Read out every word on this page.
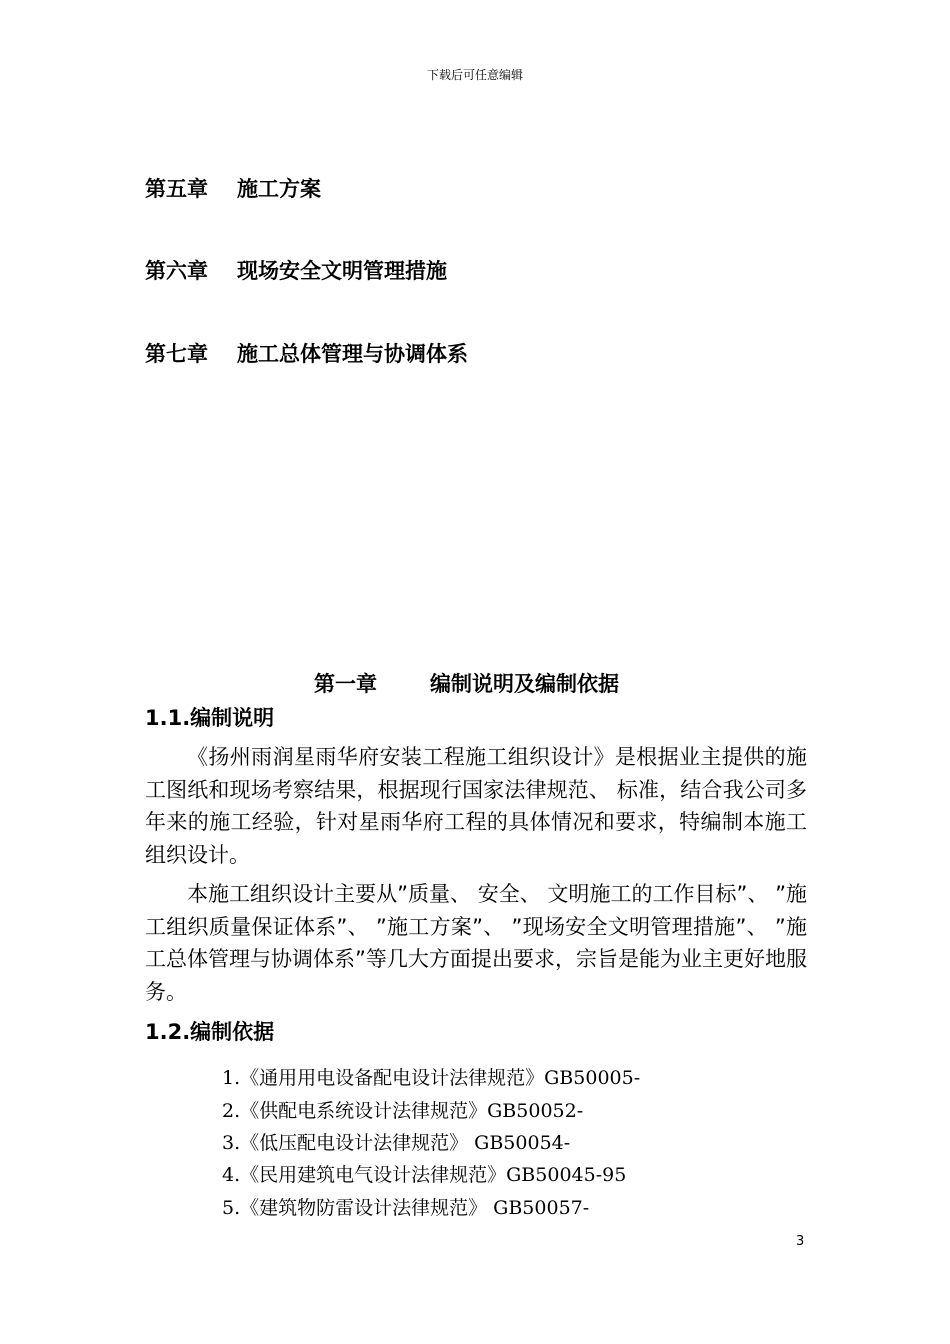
下载后可任意编辑
第五章 施工方案
第六章 现场安全文明管理措施
第七章 施工总体管理与协调体系
第一章	编制说明及编制依据
1.1.编制说明

《扬州雨润星雨华府安装工程施工组织设计》是根据业主提供的施工图纸和现场考察结果，根据现行国家法律规范、 标准，结合我公司多年来的施工经验，针对星雨华府工程的具体情况和要求，特编制本施工组织设计。

本施工组织设计主要从”质量、 安全、 文明施工的工作目标”、 ”施工组织质量保证体系”、 ”施工方案”、 ”现场安全文明管理措施”、 ”施工总体管理与协调体系”等几大方面提出要求，宗旨是能为业主更好地服务。

1.2.编制依据
1.《通用用电设备配电设计法律规范》GB50005-
2.《供配电系统设计法律规范》GB50052-
3.《低压配电设计法律规范》 GB50054-
4.《民用建筑电气设计法律规范》GB50045-95
5.《建筑物防雷设计法律规范》 GB50057-
3
